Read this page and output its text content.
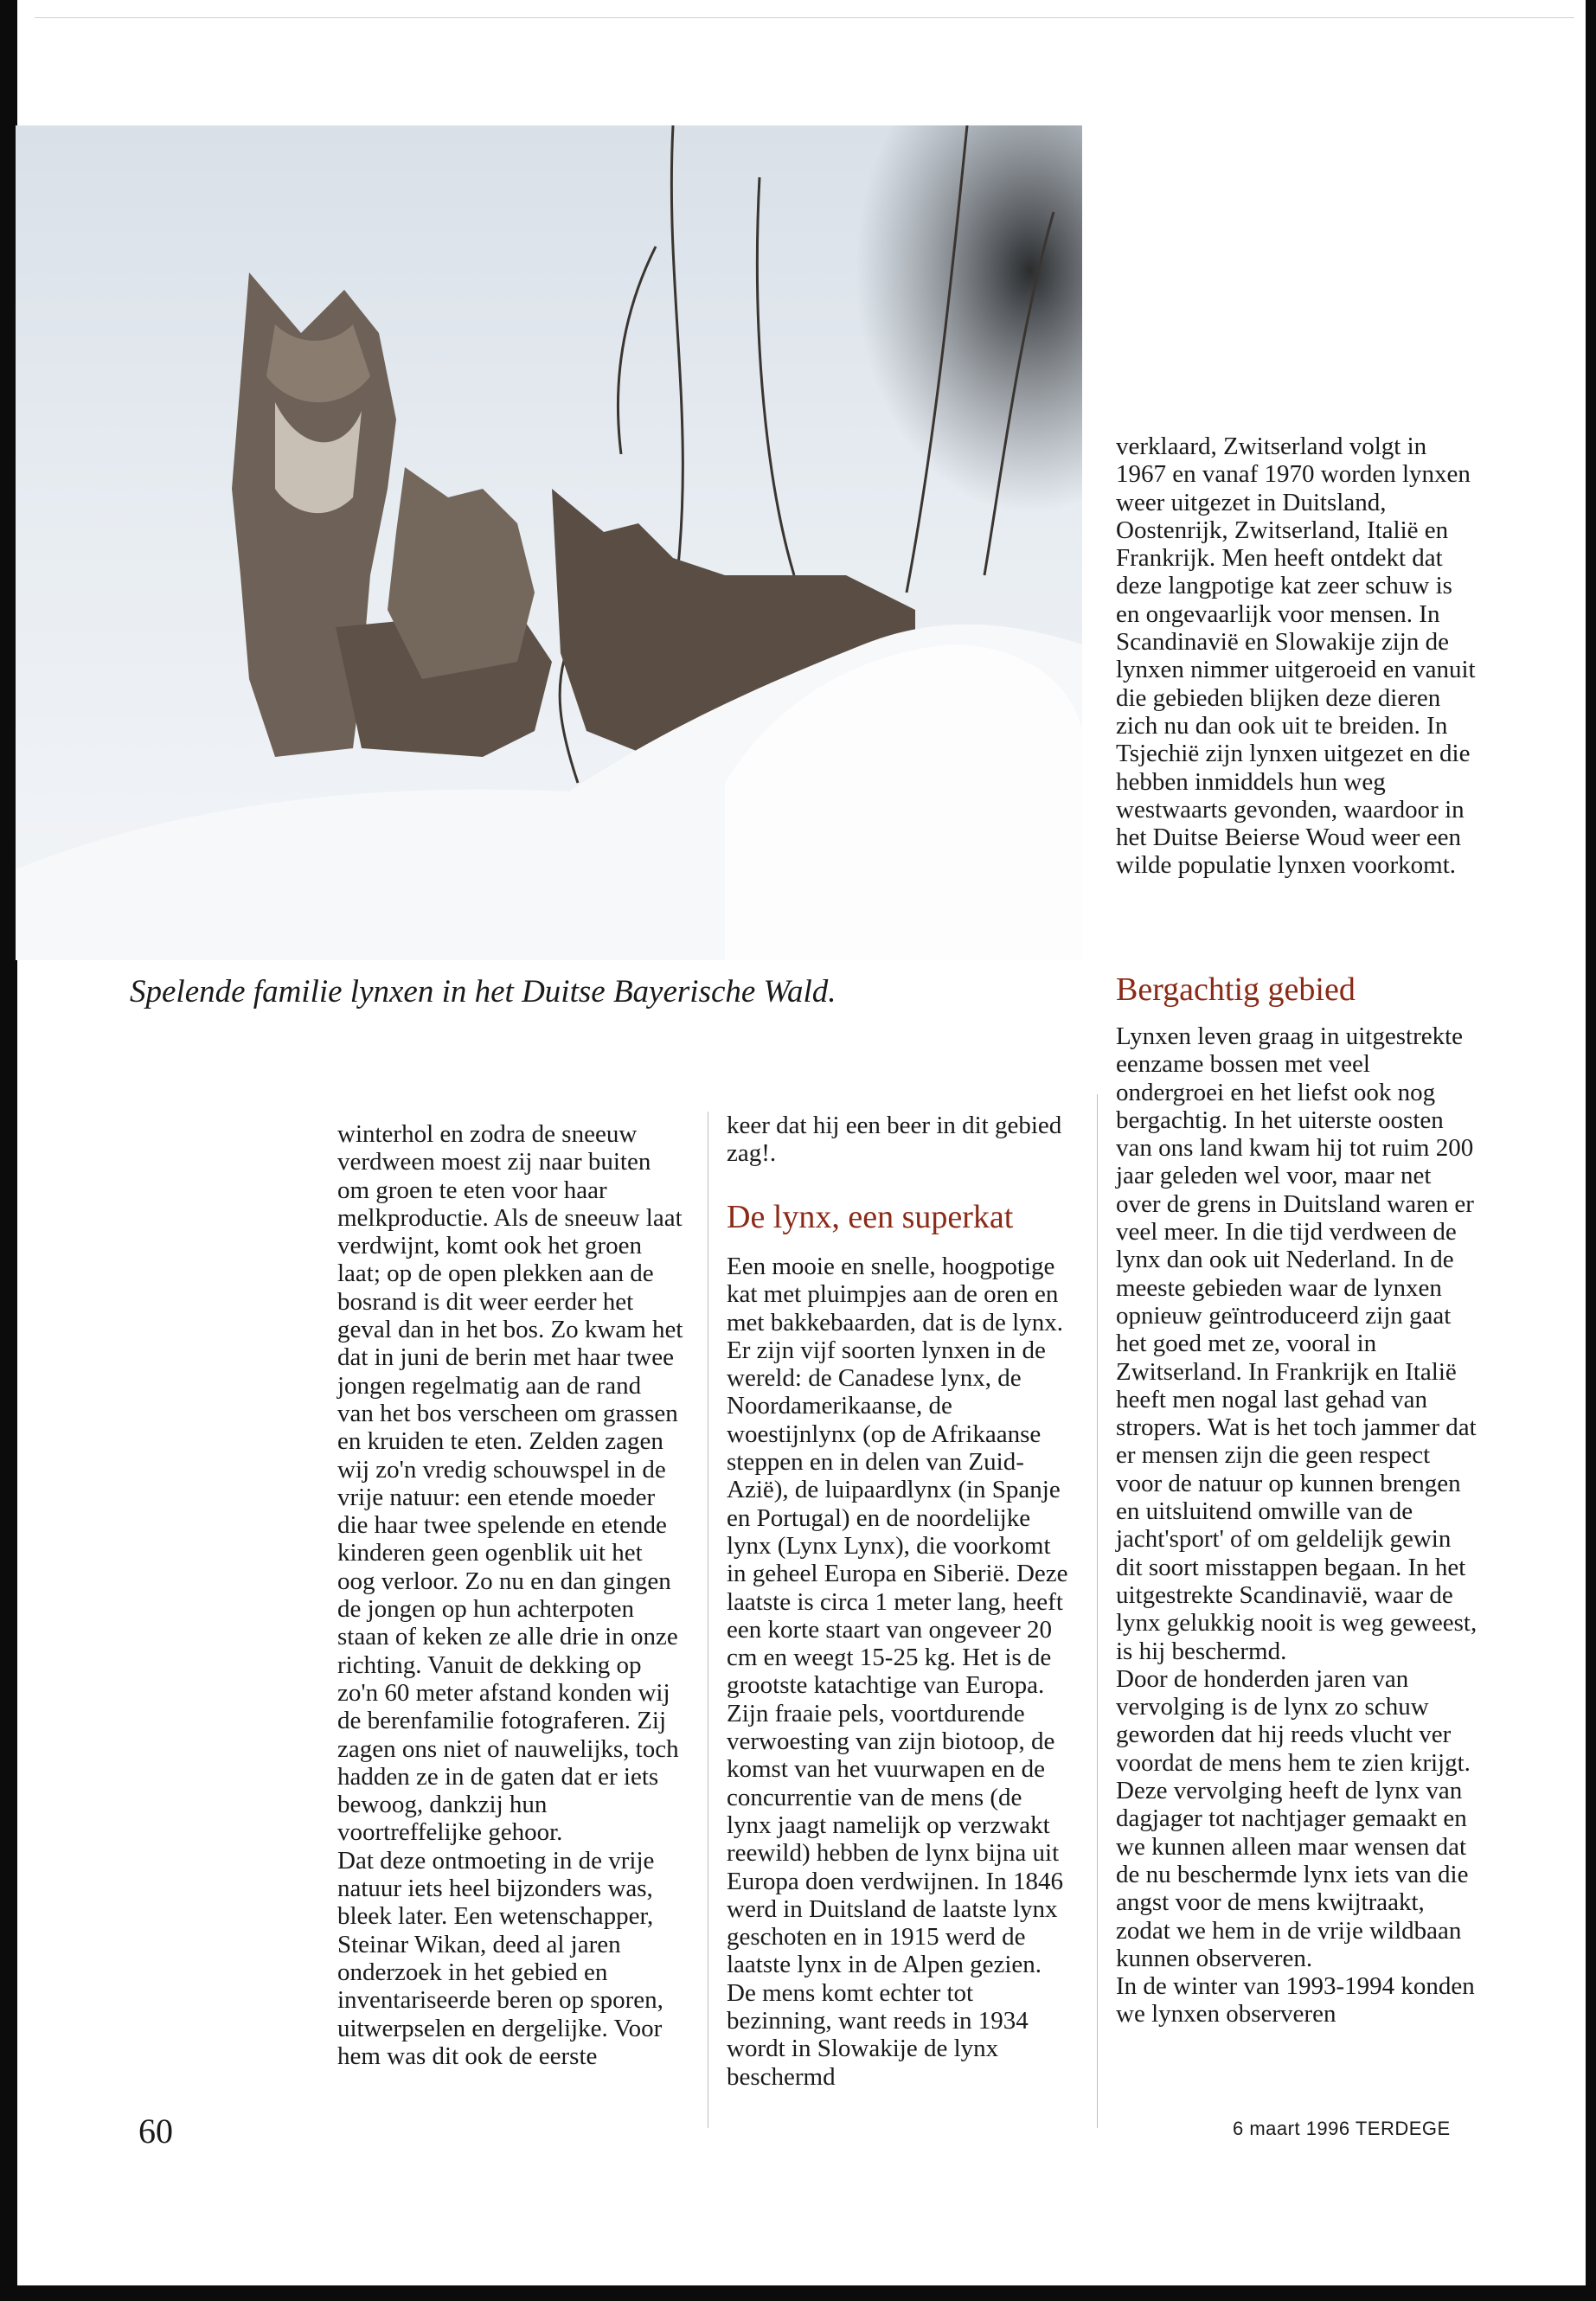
Spelende familie lynxen in het Duitse Bayerische Wald.

verklaard, Zwitserland volgt in 1967 en vanaf 1970 worden lynxen weer uitgezet in Duitsland, Oostenrijk, Zwitserland, Italië en Frankrijk. Men heeft ontdekt dat deze langpotige kat zeer schuw is en ongevaarlijk voor mensen. In Scandinavië en Slowakije zijn de lynxen nimmer uitgeroeid en vanuit die gebieden blijken deze dieren zich nu dan ook uit te breiden. In Tsjechië zijn lynxen uitgezet en die hebben inmiddels hun weg westwaarts gevonden, waardoor in het Duitse Beierse Woud weer een wilde populatie lynxen voorkomt.

Bergachtig gebied

winterhol en zodra de sneeuw verdween moest zij naar buiten om groen te eten voor haar melkproductie. Als de sneeuw laat verdwijnt, komt ook het groen laat; op de open plekken aan de bosrand is dit weer eerder het geval dan in het bos. Zo kwam het dat in juni de berin met haar twee jongen regelmatig aan de rand van het bos verscheen om grassen en kruiden te eten. Zelden zagen wij zo'n vredig schouwspel in de vrije natuur: een etende moeder die haar twee spelende en etende kinderen geen ogenblik uit het oog verloor. Zo nu en dan gingen de jongen op hun achterpoten staan of keken ze alle drie in onze richting. Vanuit de dekking op zo'n 60 meter afstand konden wij de berenfamilie fotograferen. Zij zagen ons niet of nauwelijks, toch hadden ze in de gaten dat er iets bewoog, dankzij hun voortreffelijke gehoor.

Dat deze ontmoeting in de vrije natuur iets heel bijzonders was, bleek later. Een wetenschapper, Steinar Wikan, deed al jaren onderzoek in het gebied en inventariseerde beren op sporen, uitwerpselen en dergelijke. Voor hem was dit ook de eerste

keer dat hij een beer in dit gebied zag!.

De lynx, een superkat

Een mooie en snelle, hoogpotige kat met pluimpjes aan de oren en met bakkebaarden, dat is de lynx. Er zijn vijf soorten lynxen in de wereld: de Canadese lynx, de Noordamerikaanse, de woestijnlynx (op de Afrikaanse steppen en in delen van Zuid-Azië), de luipaardlynx (in Spanje en Portugal) en de noordelijke lynx (Lynx Lynx), die voorkomt in geheel Europa en Siberië. Deze laatste is circa 1 meter lang, heeft een korte staart van ongeveer 20 cm en weegt 15-25 kg. Het is de grootste katachtige van Europa. Zijn fraaie pels, voortdurende verwoesting van zijn biotoop, de komst van het vuurwapen en de concurrentie van de mens (de lynx jaagt namelijk op verzwakt reewild) hebben de lynx bijna uit Europa doen verdwijnen. In 1846 werd in Duitsland de laatste lynx geschoten en in 1915 werd de laatste lynx in de Alpen gezien.

De mens komt echter tot bezinning, want reeds in 1934 wordt in Slowakije de lynx beschermd

Lynxen leven graag in uitgestrekte eenzame bossen met veel ondergroei en het liefst ook nog bergachtig. In het uiterste oosten van ons land kwam hij tot ruim 200 jaar geleden wel voor, maar net over de grens in Duitsland waren er veel meer. In die tijd verdween de lynx dan ook uit Nederland. In de meeste gebieden waar de lynxen opnieuw geïntroduceerd zijn gaat het goed met ze, vooral in Zwitserland. In Frankrijk en Italië heeft men nogal last gehad van stropers. Wat is het toch jammer dat er mensen zijn die geen respect voor de natuur op kunnen brengen en uitsluitend omwille van de jacht'sport' of om geldelijk gewin dit soort misstappen begaan. In het uitgestrekte Scandinavië, waar de lynx gelukkig nooit is weg geweest, is hij beschermd.

Door de honderden jaren van vervolging is de lynx zo schuw geworden dat hij reeds vlucht ver voordat de mens hem te zien krijgt. Deze vervolging heeft de lynx van dagjager tot nachtjager gemaakt en we kunnen alleen maar wensen dat de nu beschermde lynx iets van die angst voor de mens kwijtraakt, zodat we hem in de vrije wildbaan kunnen observeren.

In de winter van 1993-1994 konden we lynxen observeren

60	6 maart 1996 TERDEGE
